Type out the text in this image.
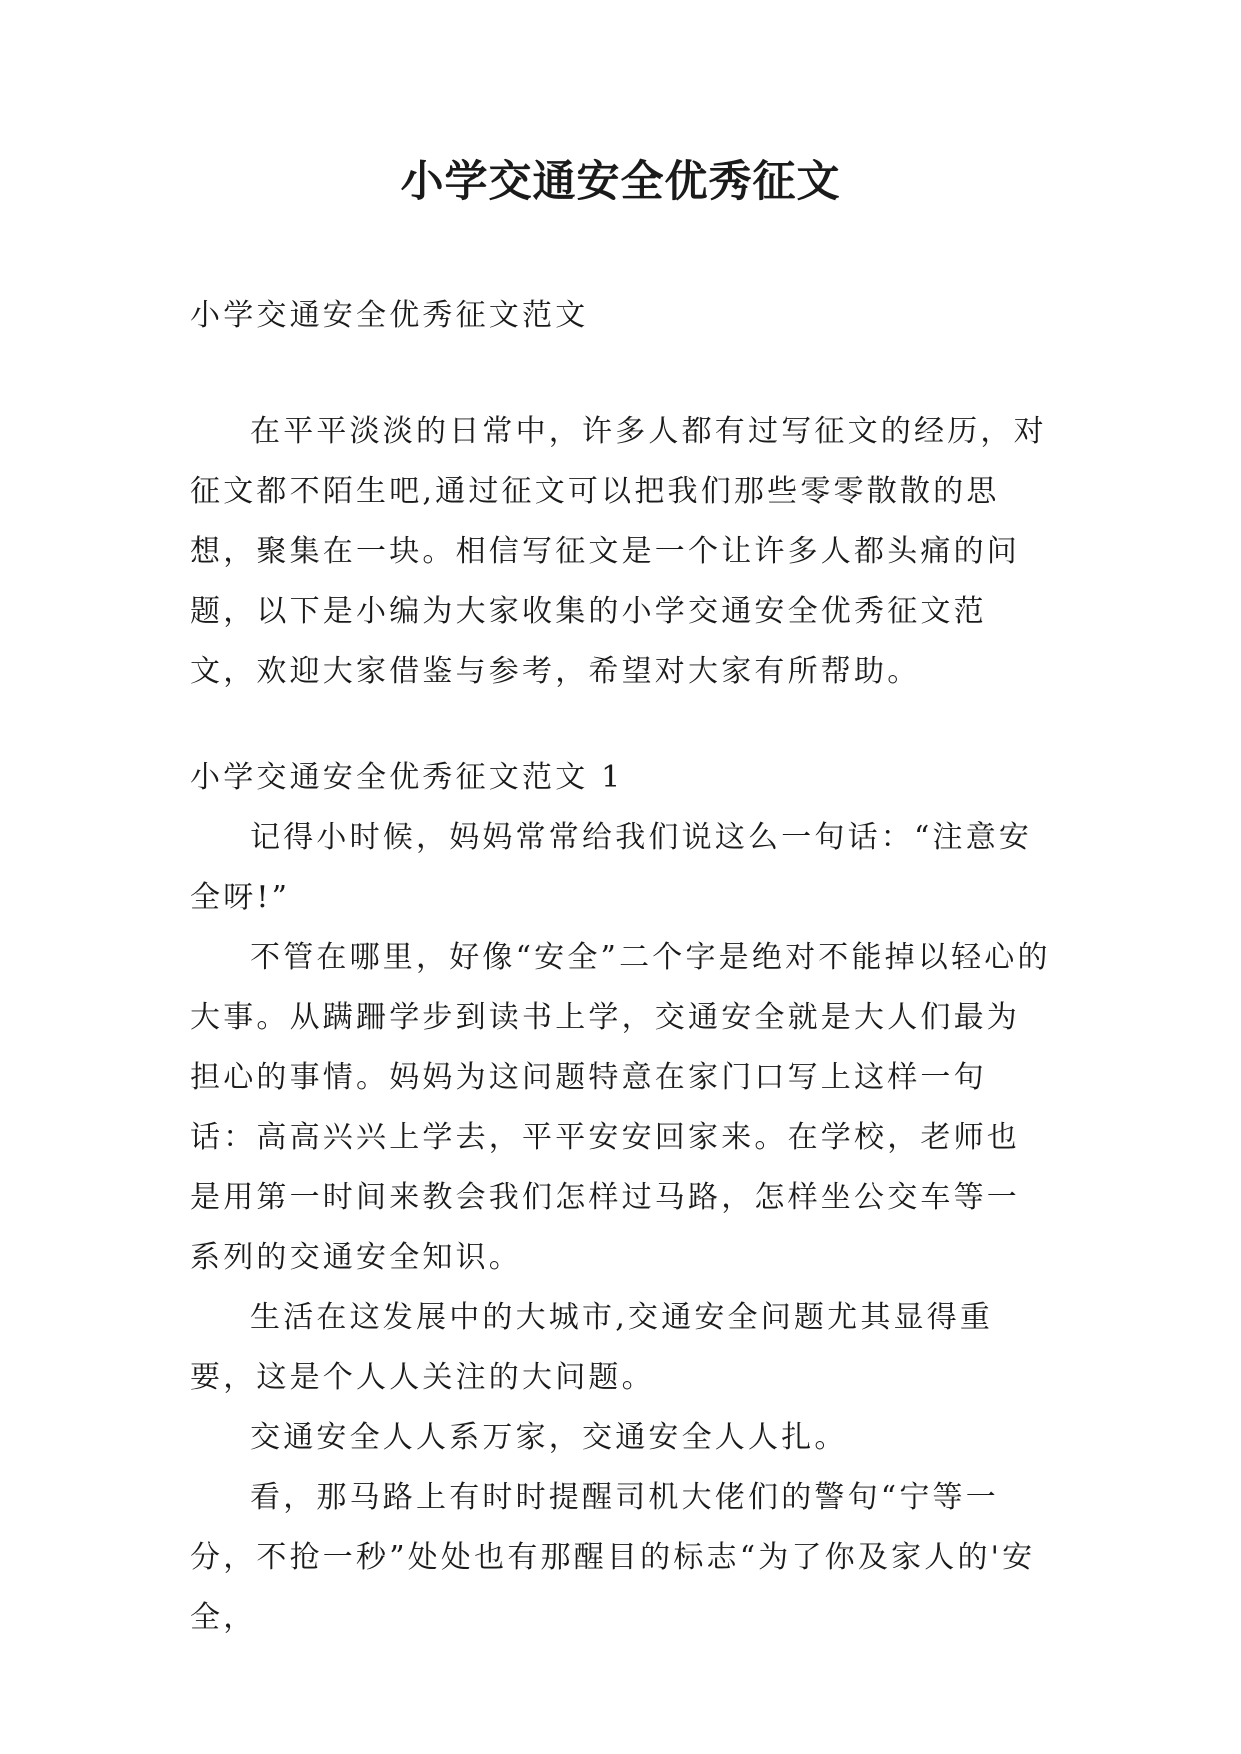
小学交通安全优秀征文
小学交通安全优秀征文范文

在平平淡淡的日常中，许多人都有过写征文的经历，对征文都不陌生吧,通过征文可以把我们那些零零散散的思想，聚集在一块。相信写征文是一个让许多人都头痛的问题，以下是小编为大家收集的小学交通安全优秀征文范文，欢迎大家借鉴与参考，希望对大家有所帮助。

小学交通安全优秀征文范文 1

记得小时候，妈妈常常给我们说这么一句话：“注意安全呀!”

不管在哪里，好像“安全”二个字是绝对不能掉以轻心的大事。从蹒跚学步到读书上学，交通安全就是大人们最为担心的事情。妈妈为这问题特意在家门口写上这样一句话：高高兴兴上学去，平平安安回家来。在学校，老师也是用第一时间来教会我们怎样过马路，怎样坐公交车等一系列的交通安全知识。

生活在这发展中的大城市,交通安全问题尤其显得重要，这是个人人关注的大问题。

交通安全人人系万家，交通安全人人扎。

看，那马路上有时时提醒司机大佬们的警句“宁等一分，不抢一秒”处处也有那醒目的标志“为了你及家人的'安全，
